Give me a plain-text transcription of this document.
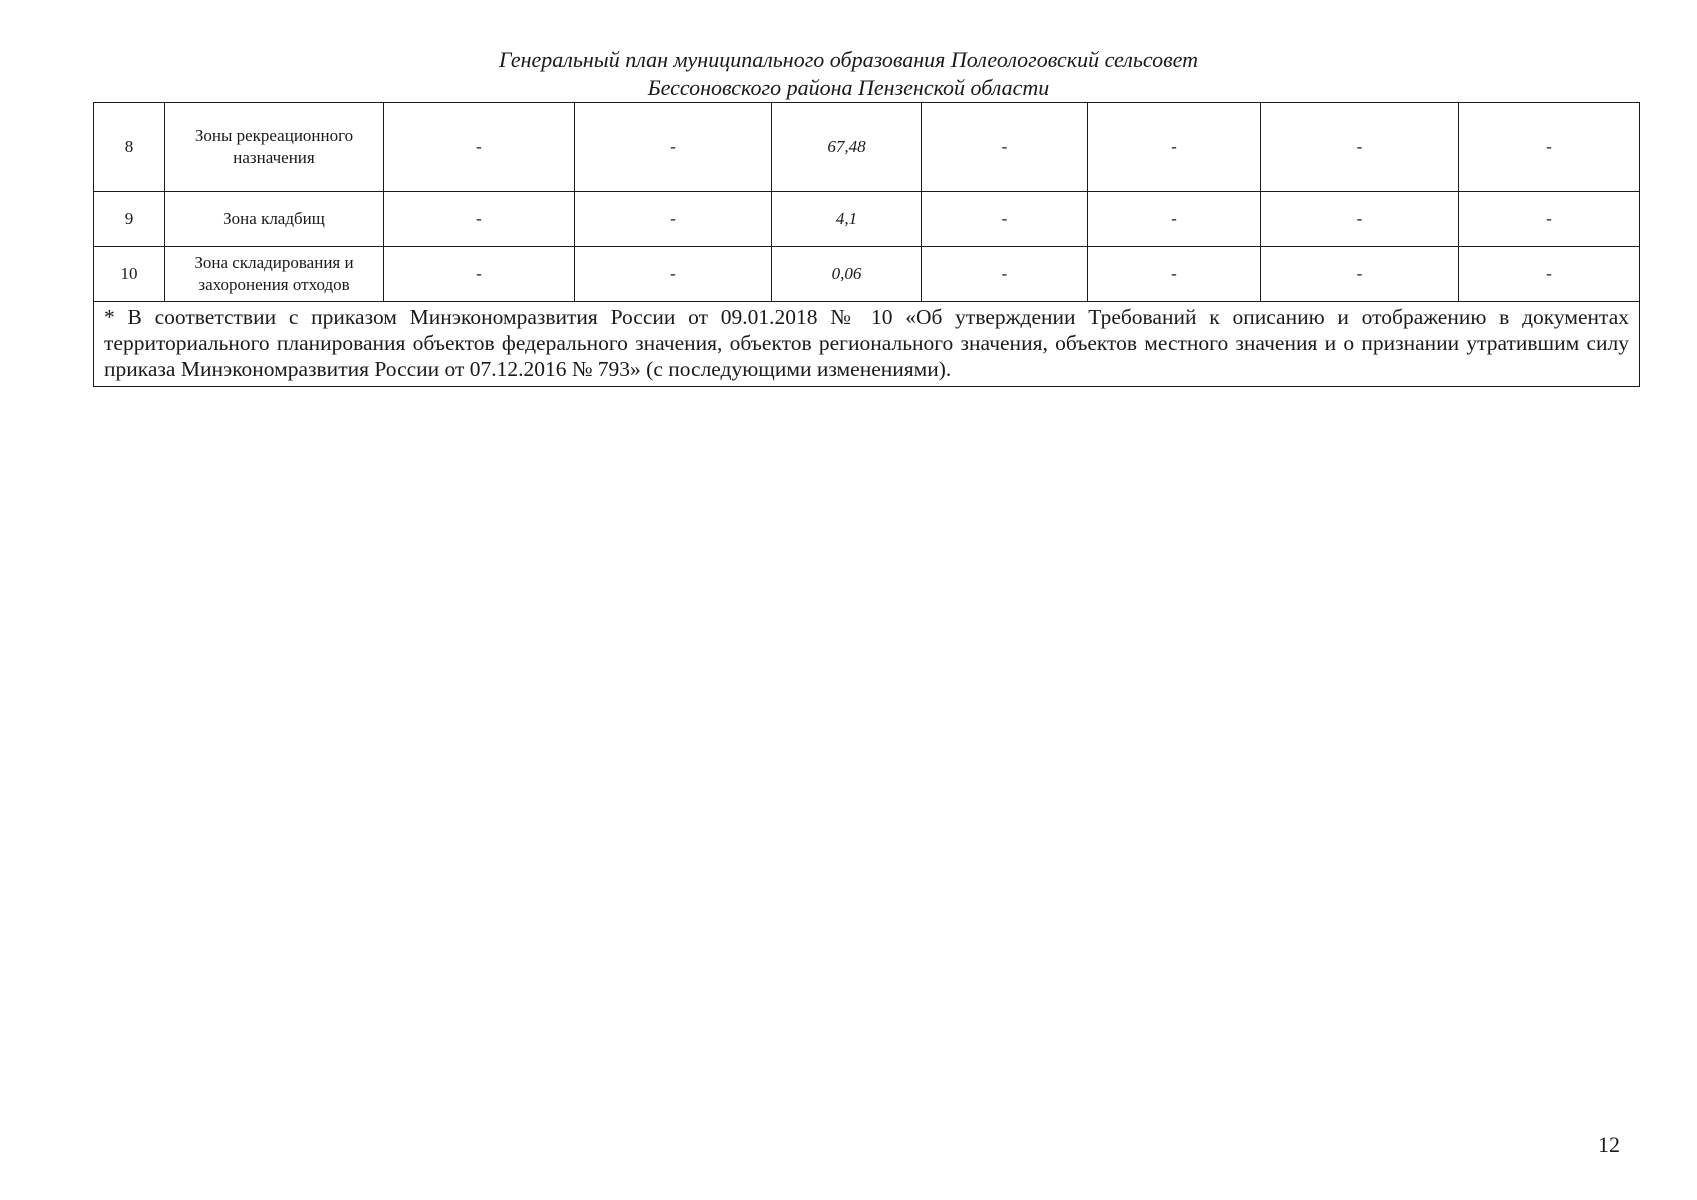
Генеральный план муниципального образования Полеологовский сельсовет
Бессоновского района Пензенской области
8	Зоны рекреационного назначения	-	-	67,48	-	-	-	-
9	Зона кладбищ	-	-	4,1	-	-	-	-
10	Зона складирования и захоронения отходов	-	-	0,06	-	-	-	-
* В соответствии с приказом Минэкономразвития России от 09.01.2018 № 10 «Об утверждении Требований к описанию и отображению в документах территориального планирования объектов федерального значения, объектов регионального значения, объектов местного значения и о признании утратившим силу приказа Минэкономразвития России от 07.12.2016 № 793» (с последующими изменениями).								
12
